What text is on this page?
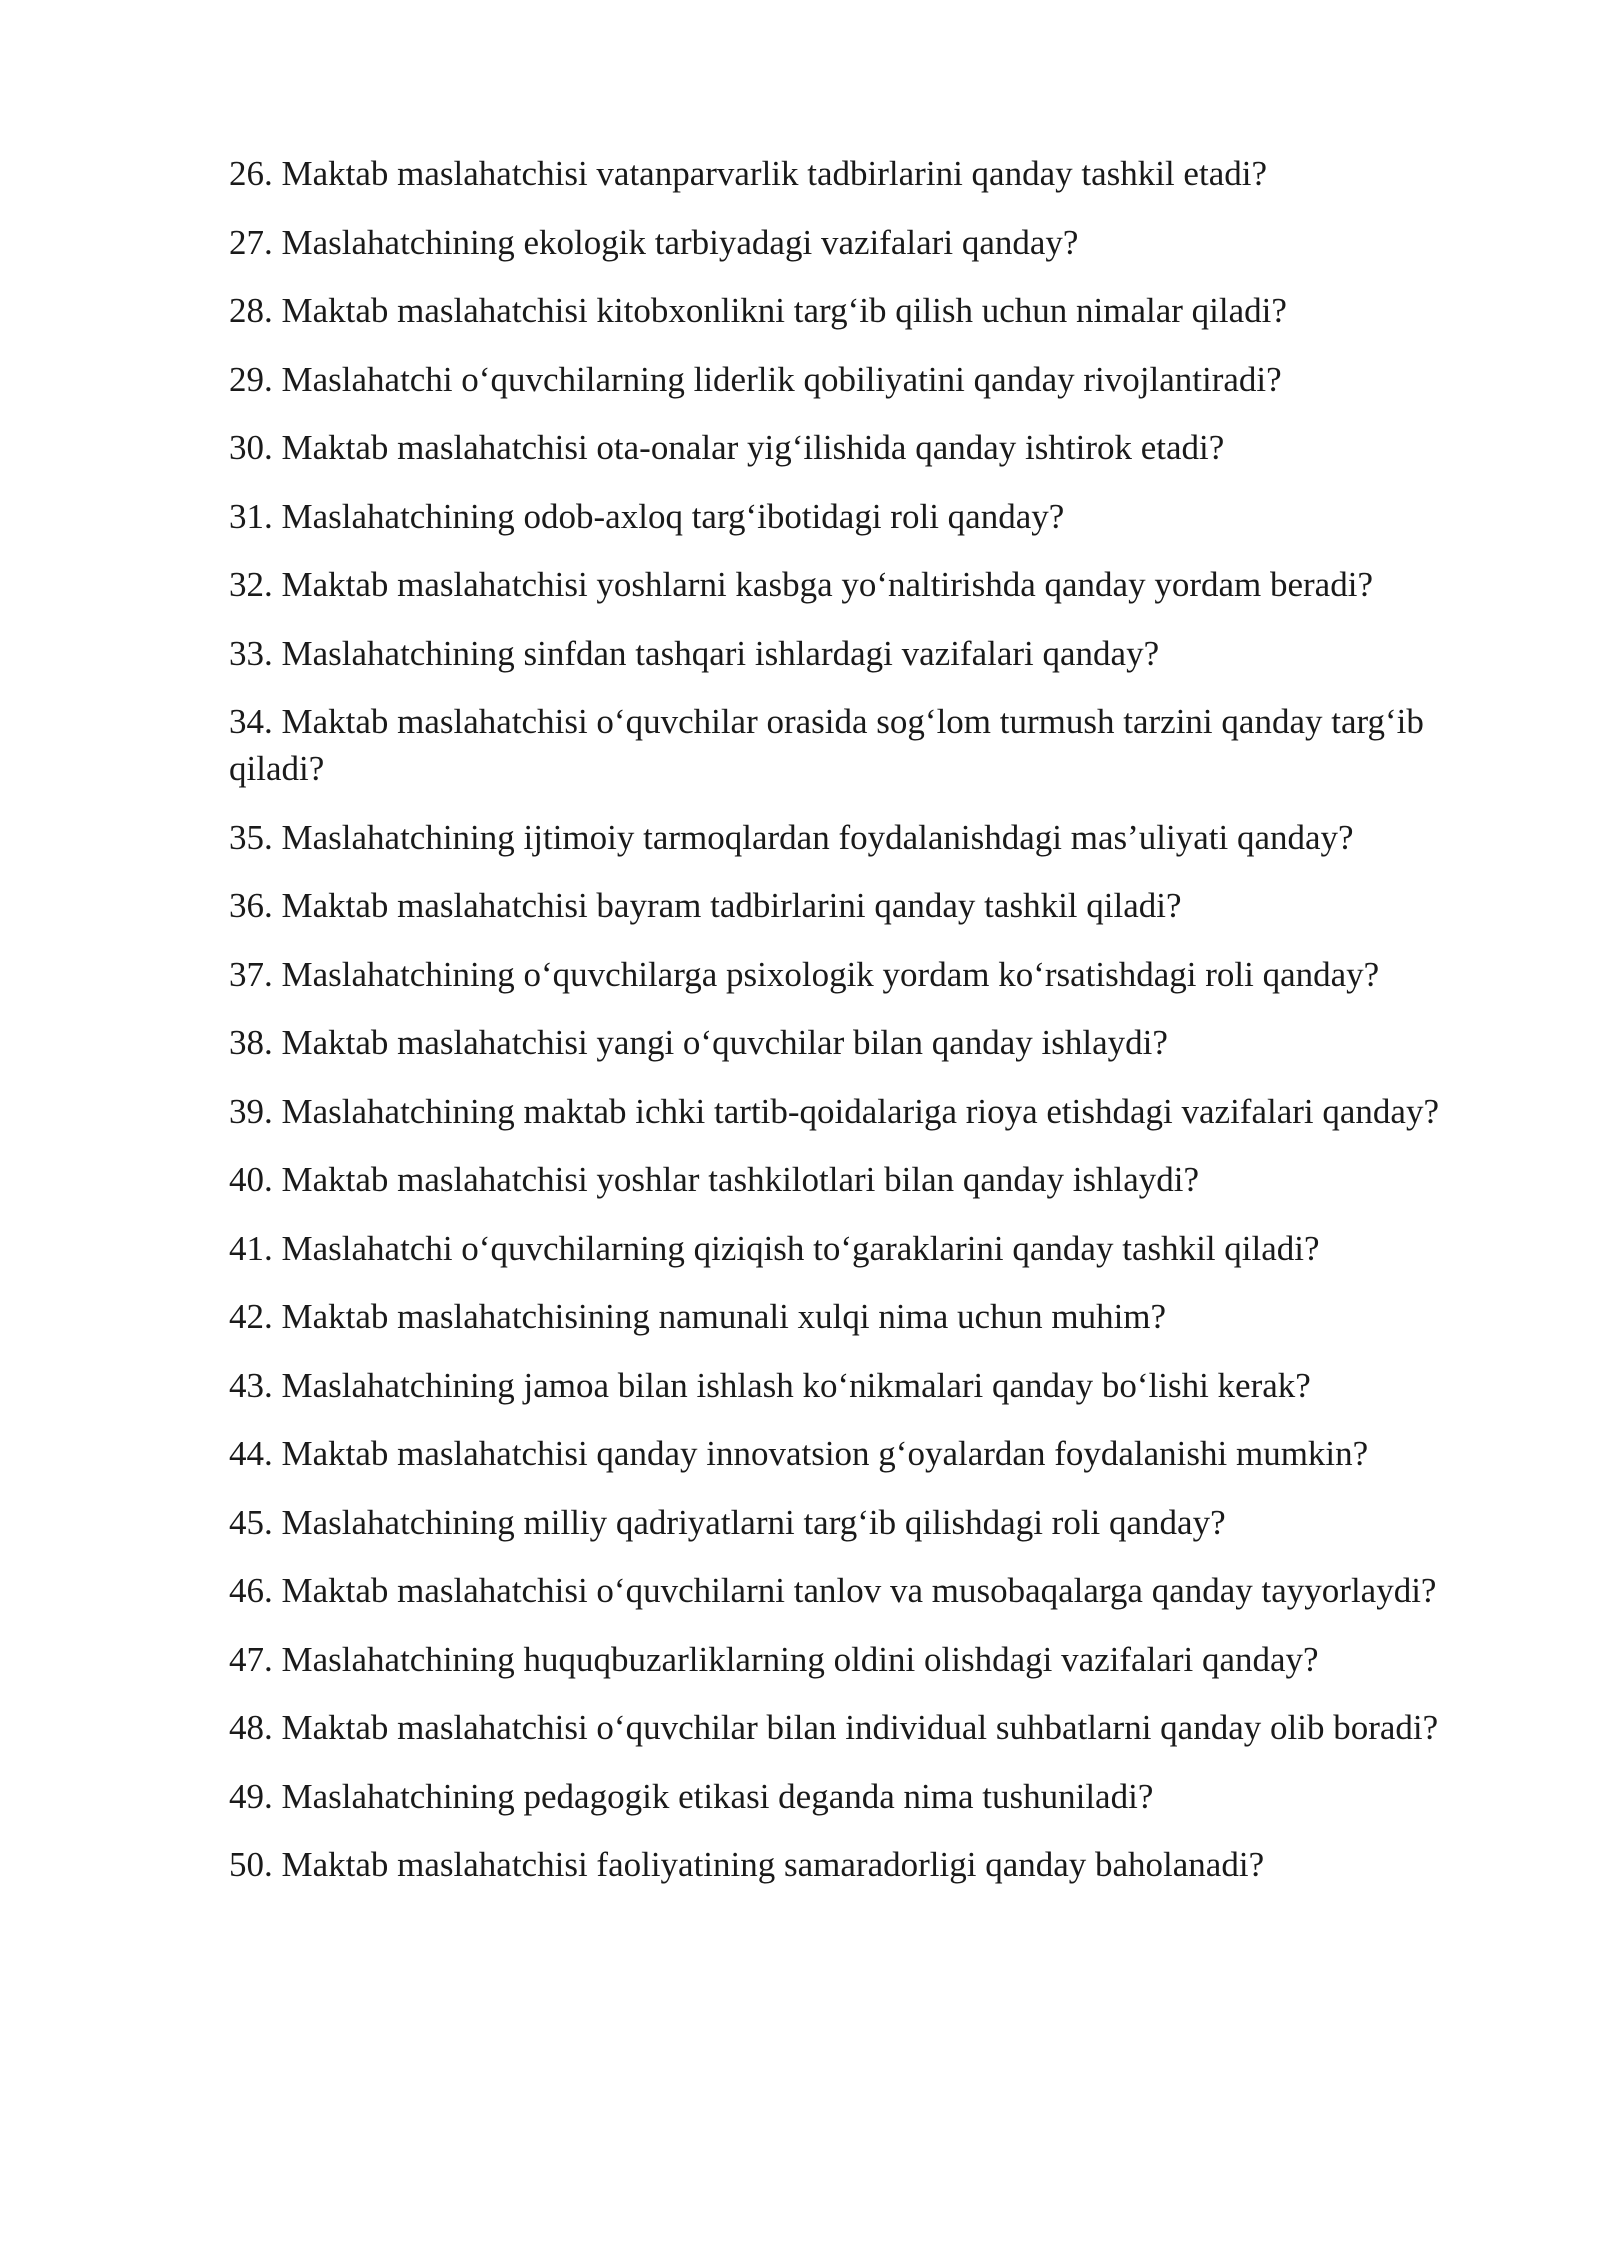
26. Maktab maslahatchisi vatanparvarlik tadbirlarini qanday tashkil etadi?
27. Maslahatchining ekologik tarbiyadagi vazifalari qanday?
28. Maktab maslahatchisi kitobxonlikni targ‘ib qilish uchun nimalar qiladi?
29. Maslahatchi o‘quvchilarning liderlik qobiliyatini qanday rivojlantiradi?
30. Maktab maslahatchisi ota-onalar yig‘ilishida qanday ishtirok etadi?
31. Maslahatchining odob-axloq targ‘ibotidagi roli qanday?
32. Maktab maslahatchisi yoshlarni kasbga yo‘naltirishda qanday yordam beradi?
33. Maslahatchining sinfdan tashqari ishlardagi vazifalari qanday?
34. Maktab maslahatchisi o‘quvchilar orasida sog‘lom turmush tarzini qanday targ‘ib qiladi?
35. Maslahatchining ijtimoiy tarmoqlardan foydalanishdagi mas’uliyati qanday?
36. Maktab maslahatchisi bayram tadbirlarini qanday tashkil qiladi?
37. Maslahatchining o‘quvchilarga psixologik yordam ko‘rsatishdagi roli qanday?
38. Maktab maslahatchisi yangi o‘quvchilar bilan qanday ishlaydi?
39. Maslahatchining maktab ichki tartib-qoidalariga rioya etishdagi vazifalari qanday?
40. Maktab maslahatchisi yoshlar tashkilotlari bilan qanday ishlaydi?
41. Maslahatchi o‘quvchilarning qiziqish to‘garaklarini qanday tashkil qiladi?
42. Maktab maslahatchisining namunali xulqi nima uchun muhim?
43. Maslahatchining jamoa bilan ishlash ko‘nikmalari qanday bo‘lishi kerak?
44. Maktab maslahatchisi qanday innovatsion g‘oyalardan foydalanishi mumkin?
45. Maslahatchining milliy qadriyatlarni targ‘ib qilishdagi roli qanday?
46. Maktab maslahatchisi o‘quvchilarni tanlov va musobaqalarga qanday tayyorlaydi?
47. Maslahatchining huquqbuzarliklarning oldini olishdagi vazifalari qanday?
48. Maktab maslahatchisi o‘quvchilar bilan individual suhbatlarni qanday olib boradi?
49. Maslahatchining pedagogik etikasi deganda nima tushuniladi?
50. Maktab maslahatchisi faoliyatining samaradorligi qanday baholanadi?
